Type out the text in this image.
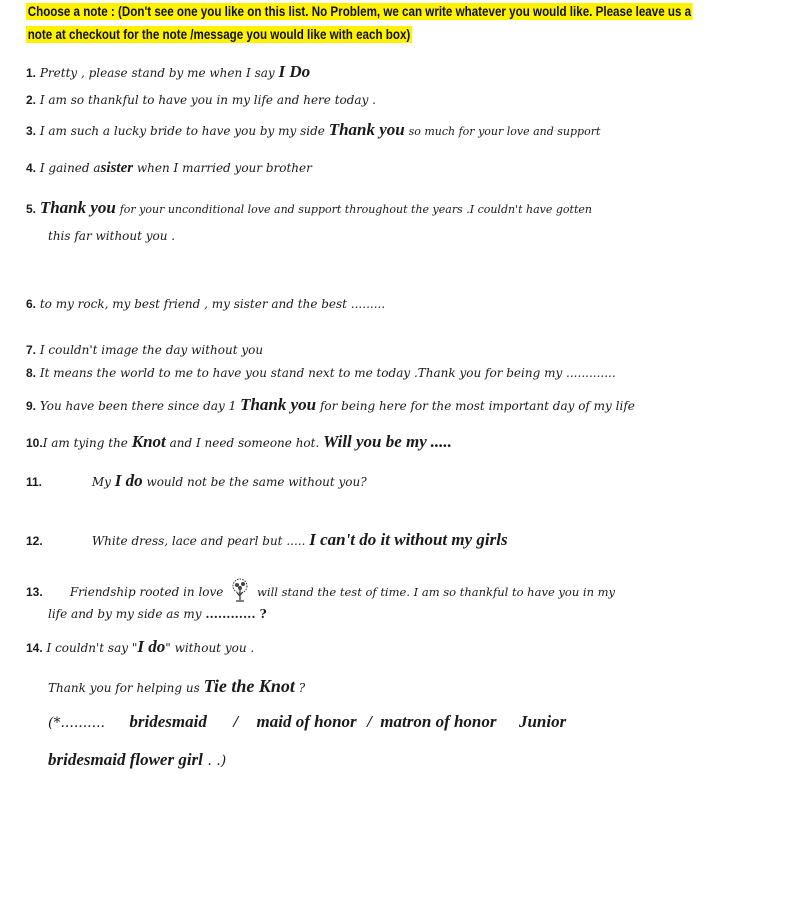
Choose a note : (Don't see one you like on this list. No Problem, we can write whatever you would like. Please leave us a
note at checkout for the note /message you would like with each box)
1. Pretty , please stand by me when I say I Do
2. I am so thankful to have you in my life and here today .
3. I am such a lucky bride to have you by my side Thank you so much for your love and support
4. I gained asister when I married your brother
5. Thank you for your unconditional love and support throughout the years .I couldn't have gotten
this far without you .
6. to my rock, my best friend , my sister and the best .........
7. I couldn't image the day without you
8. It means the world to me to have you stand next to me today .Thank you for being my .............
9. You have been there since day 1 Thank you for being here for the most important day of my life
10.I am tying the Knot and I need someone hot. Will you be my .....
11.	My I do would not be the same without you?
12.	White dress, lace and pearl but ..... I can't do it without my girls
13. Friendship rooted in love	will stand the test of time. I am so thankful to have you in my
life and by my side as my ............ ?
14. I couldn't say "I do" without you .
Thank you for helping us Tie the Knot ?
(*.......... bridesmaid / maid of honor / matron of honor Junior
bridesmaid flower girl . .)
